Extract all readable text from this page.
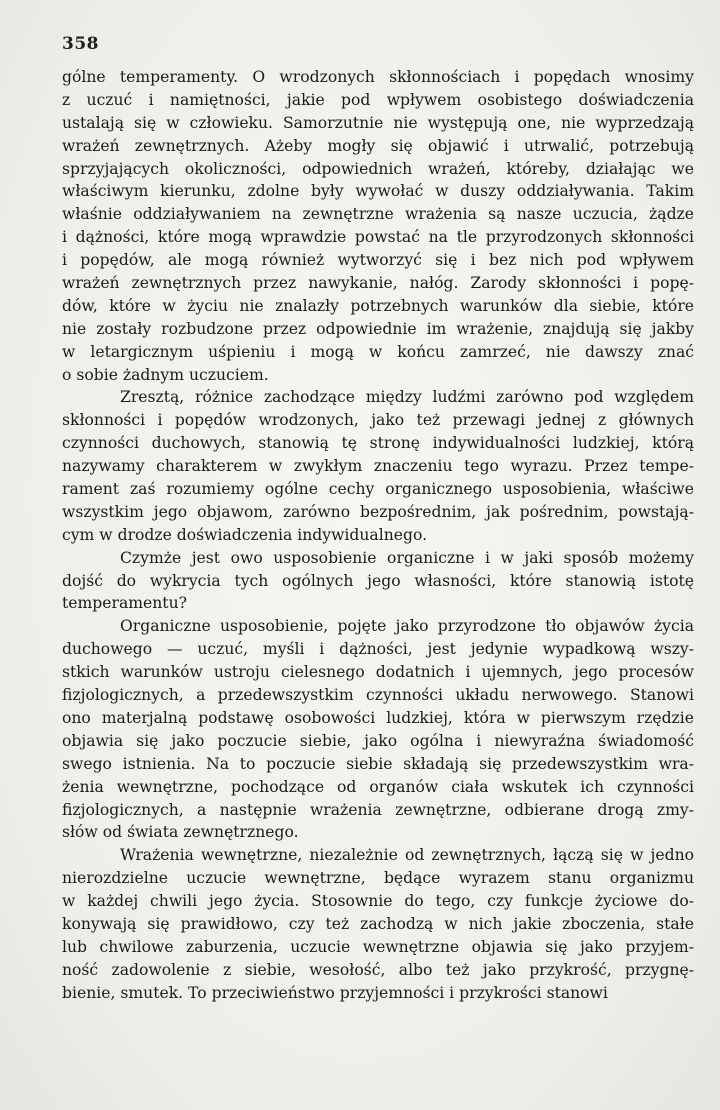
358
gólne temperamenty. O wrodzonych skłonnościach i popędach wnosimy
z uczuć i namiętności, jakie pod wpływem osobistego doświadczenia
ustalają się w człowieku. Samorzutnie nie występują one, nie wyprzedzają
wrażeń zewnętrznych. Ażeby mogły się objawić i utrwalić, potrzebują
sprzyjających okoliczności, odpowiednich wrażeń, któreby, działając we
właściwym kierunku, zdolne były wywołać w duszy oddziaływania. Takim
właśnie oddziaływaniem na zewnętrzne wrażenia są nasze uczucia, żądze
i dążności, które mogą wprawdzie powstać na tle przyrodzonych skłonności
i popędów, ale mogą również wytworzyć się i bez nich pod wpływem
wrażeń zewnętrznych przez nawykanie, nałóg. Zarody skłonności i popę-
dów, które w życiu nie znalazły potrzebnych warunków dla siebie, które
nie zostały rozbudzone przez odpowiednie im wrażenie, znajdują się jakby
w letargicznym uśpieniu i mogą w końcu zamrzeć, nie dawszy znać
o sobie żadnym uczuciem.
Zresztą, różnice zachodzące między ludźmi zarówno pod względem
skłonności i popędów wrodzonych, jako też przewagi jednej z głównych
czynności duchowych, stanowią tę stronę indywidualności ludzkiej, którą
nazywamy charakterem w zwykłym znaczeniu tego wyrazu. Przez tempe-
rament zaś rozumiemy ogólne cechy organicznego usposobienia, właściwe
wszystkim jego objawom, zarówno bezpośrednim, jak pośrednim, powstają-
cym w drodze doświadczenia indywidualnego.
Czymże jest owo usposobienie organiczne i w jaki sposób możemy
dojść do wykrycia tych ogólnych jego własności, które stanowią istotę
temperamentu?
Organiczne usposobienie, pojęte jako przyrodzone tło objawów życia
duchowego — uczuć, myśli i dążności, jest jedynie wypadkową wszy-
stkich warunków ustroju cielesnego dodatnich i ujemnych, jego procesów
fizjologicznych, a przedewszystkim czynności układu nerwowego. Stanowi
ono materjalną podstawę osobowości ludzkiej, która w pierwszym rzędzie
objawia się jako poczucie siebie, jako ogólna i niewyraźna świadomość
swego istnienia. Na to poczucie siebie składają się przedewszystkim wra-
żenia wewnętrzne, pochodzące od organów ciała wskutek ich czynności
fizjologicznych, a następnie wrażenia zewnętrzne, odbierane drogą zmy-
słów od świata zewnętrznego.
Wrażenia wewnętrzne, niezależnie od zewnętrznych, łączą się w jedno
nierozdzielne uczucie wewnętrzne, będące wyrazem stanu organizmu
w każdej chwili jego życia. Stosownie do tego, czy funkcje życiowe do-
konywają się prawidłowo, czy też zachodzą w nich jakie zboczenia, stałe
lub chwilowe zaburzenia, uczucie wewnętrzne objawia się jako przyjem-
ność zadowolenie z siebie, wesołość, albo też jako przykrość, przygnę-
bienie, smutek. To przeciwieństwo przyjemności i przykrości stanowi
